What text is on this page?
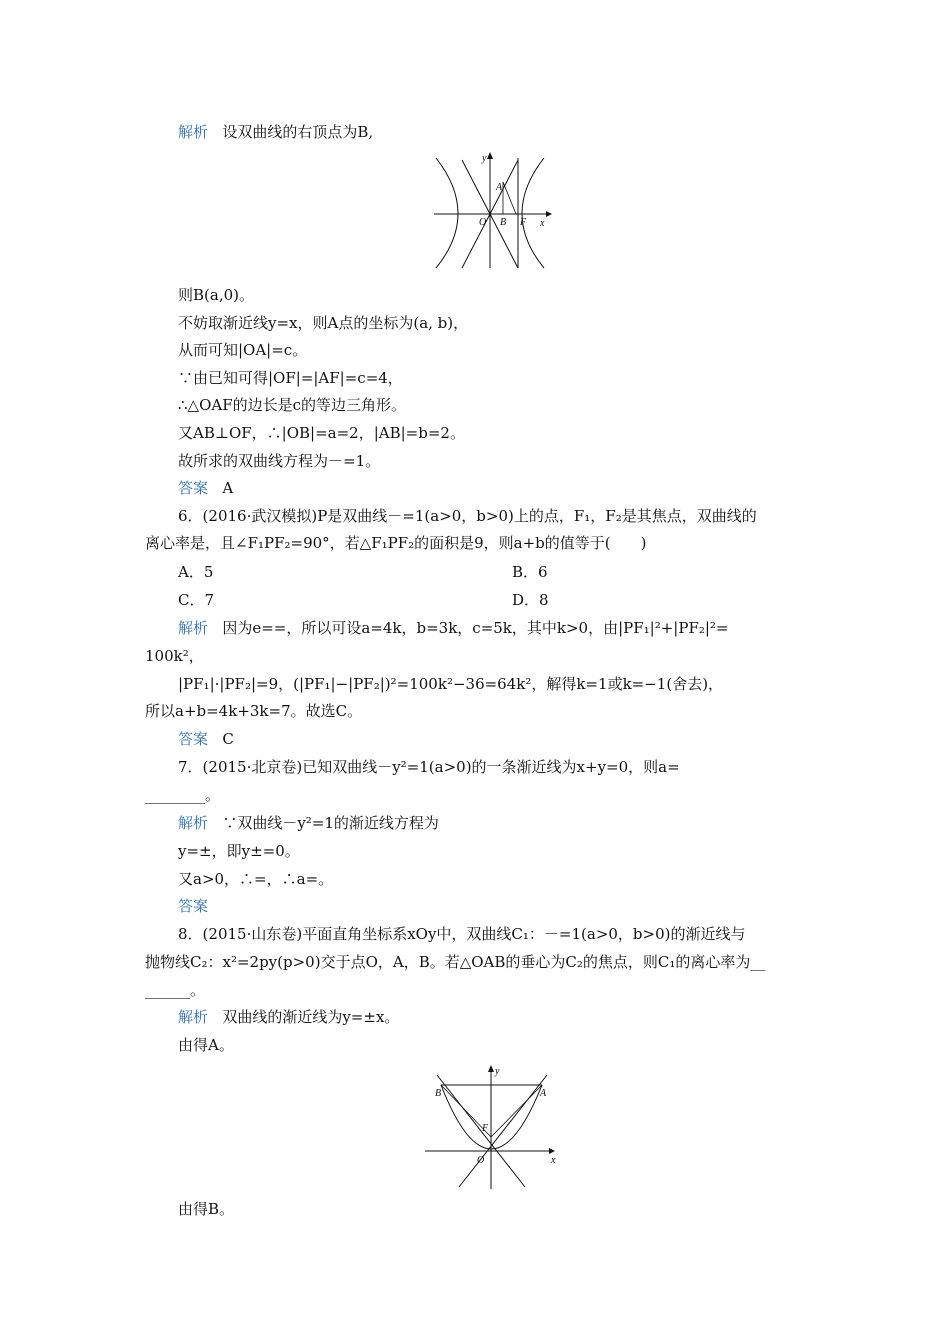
解析 设双曲线的右顶点为B,
y
x
O B F
A
则B(a,0)。
不妨取渐近线y=x，则A点的坐标为(a, b)，
从而可知|OA|=c。
∵由已知可得|OF|=|AF|=c=4，
∴△OAF的边长是c的等边三角形。
又AB⊥OF，∴|OB|=a=2，|AB|=b=2。
故所求的双曲线方程为－=1。
答案 A
6．(2016·武汉模拟)P是双曲线－=1(a>0，b>0)上的点，F₁，F₂是其焦点，双曲线的
离心率是，且∠F₁PF₂=90°，若△F₁PF₂的面积是9，则a+b的值等于(　　)
A．5	B．6
C．7	D．8
解析 因为e==，所以可设a=4k，b=3k，c=5k，其中k>0，由|PF₁|²+|PF₂|²=
100k²，
|PF₁|·|PF₂|=9，(|PF₁|−|PF₂|)²=100k²−36=64k²，解得k=1或k=−1(舍去)，
所以a+b=4k+3k=7。故选C。
答案 C
7．(2015·北京卷)已知双曲线－y²=1(a>0)的一条渐近线为x+y=0，则a=
________。
解析 ∵双曲线－y²=1的渐近线方程为
y=±，即y±=0。
又a>0，∴=，∴a=。
答案
8．(2015·山东卷)平面直角坐标系xOy中，双曲线C₁：－=1(a>0，b>0)的渐近线与
抛物线C₂：x²=2py(p>0)交于点O，A，B。若△OAB的垂心为C₂的焦点，则C₁的离心率为__
______。
解析 双曲线的渐近线为y=±x。
由得A。
y
x
O
A
B
F
由得B。
